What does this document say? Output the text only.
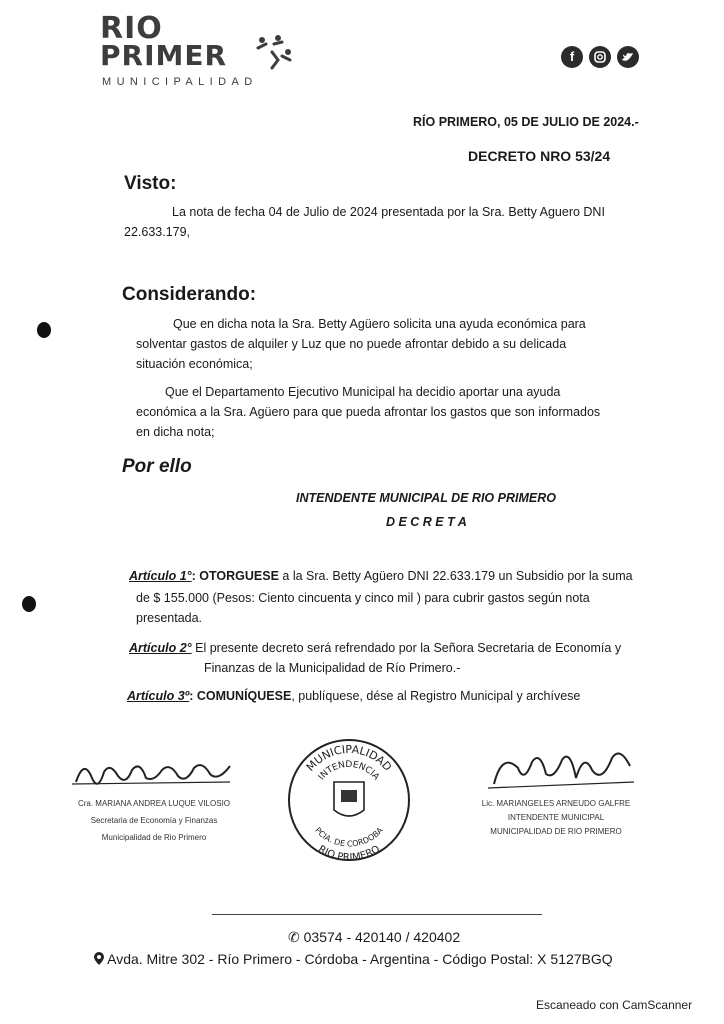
RIO
PRIMER
MUNICIPALIDAD
f
RÍO PRIMERO, 05 DE JULIO DE 2024.-
DECRETO NRO 53/24
Visto:
La nota de fecha 04 de Julio de 2024 presentada por la Sra. Betty Aguero DNI
22.633.179,
Considerando:
Que en dicha nota la Sra. Betty Agüero solicita una ayuda económica para
solventar gastos de alquiler y Luz que no puede afrontar debido a su delicada
situación económica;
Que el Departamento Ejecutivo Municipal ha decidio aportar una ayuda
económica a la Sra. Agüero para que pueda afrontar los gastos que son informados
en dicha nota;
Por ello
INTENDENTE MUNICIPAL DE RIO PRIMERO
D E C R E T A
Artículo 1°: OTORGUESE a la Sra. Betty Agüero DNI 22.633.179 un Subsidio por la suma
de $ 155.000 (Pesos: Ciento cincuenta y cinco mil ) para cubrir gastos según nota
presentada.
Artículo 2° El presente decreto será refrendado por la Señora Secretaria de Economía y
Finanzas de la Municipalidad de Río Primero.-
Artículo 3º: COMUNÍQUESE, publíquese, dése al Registro Municipal y archívese
Cra. MARIANA ANDREA LUQUE VILOSIO
Secretaria de Economía y Finanzas
Municipalidad de Rio Primero
MUNICIPALIDAD
INTENDENCIA
PCIA. DE CORDOBA
RIO PRIMERO
Lic. MARIANGELES ARNEUDO GALFRE
INTENDENTE MUNICIPAL
MUNICIPALIDAD DE RIO PRIMERO
✆ 03574 - 420140 / 420402
Avda. Mitre 302 - Río Primero - Córdoba - Argentina - Código Postal: X 5127BGQ
Escaneado con CamScanner
